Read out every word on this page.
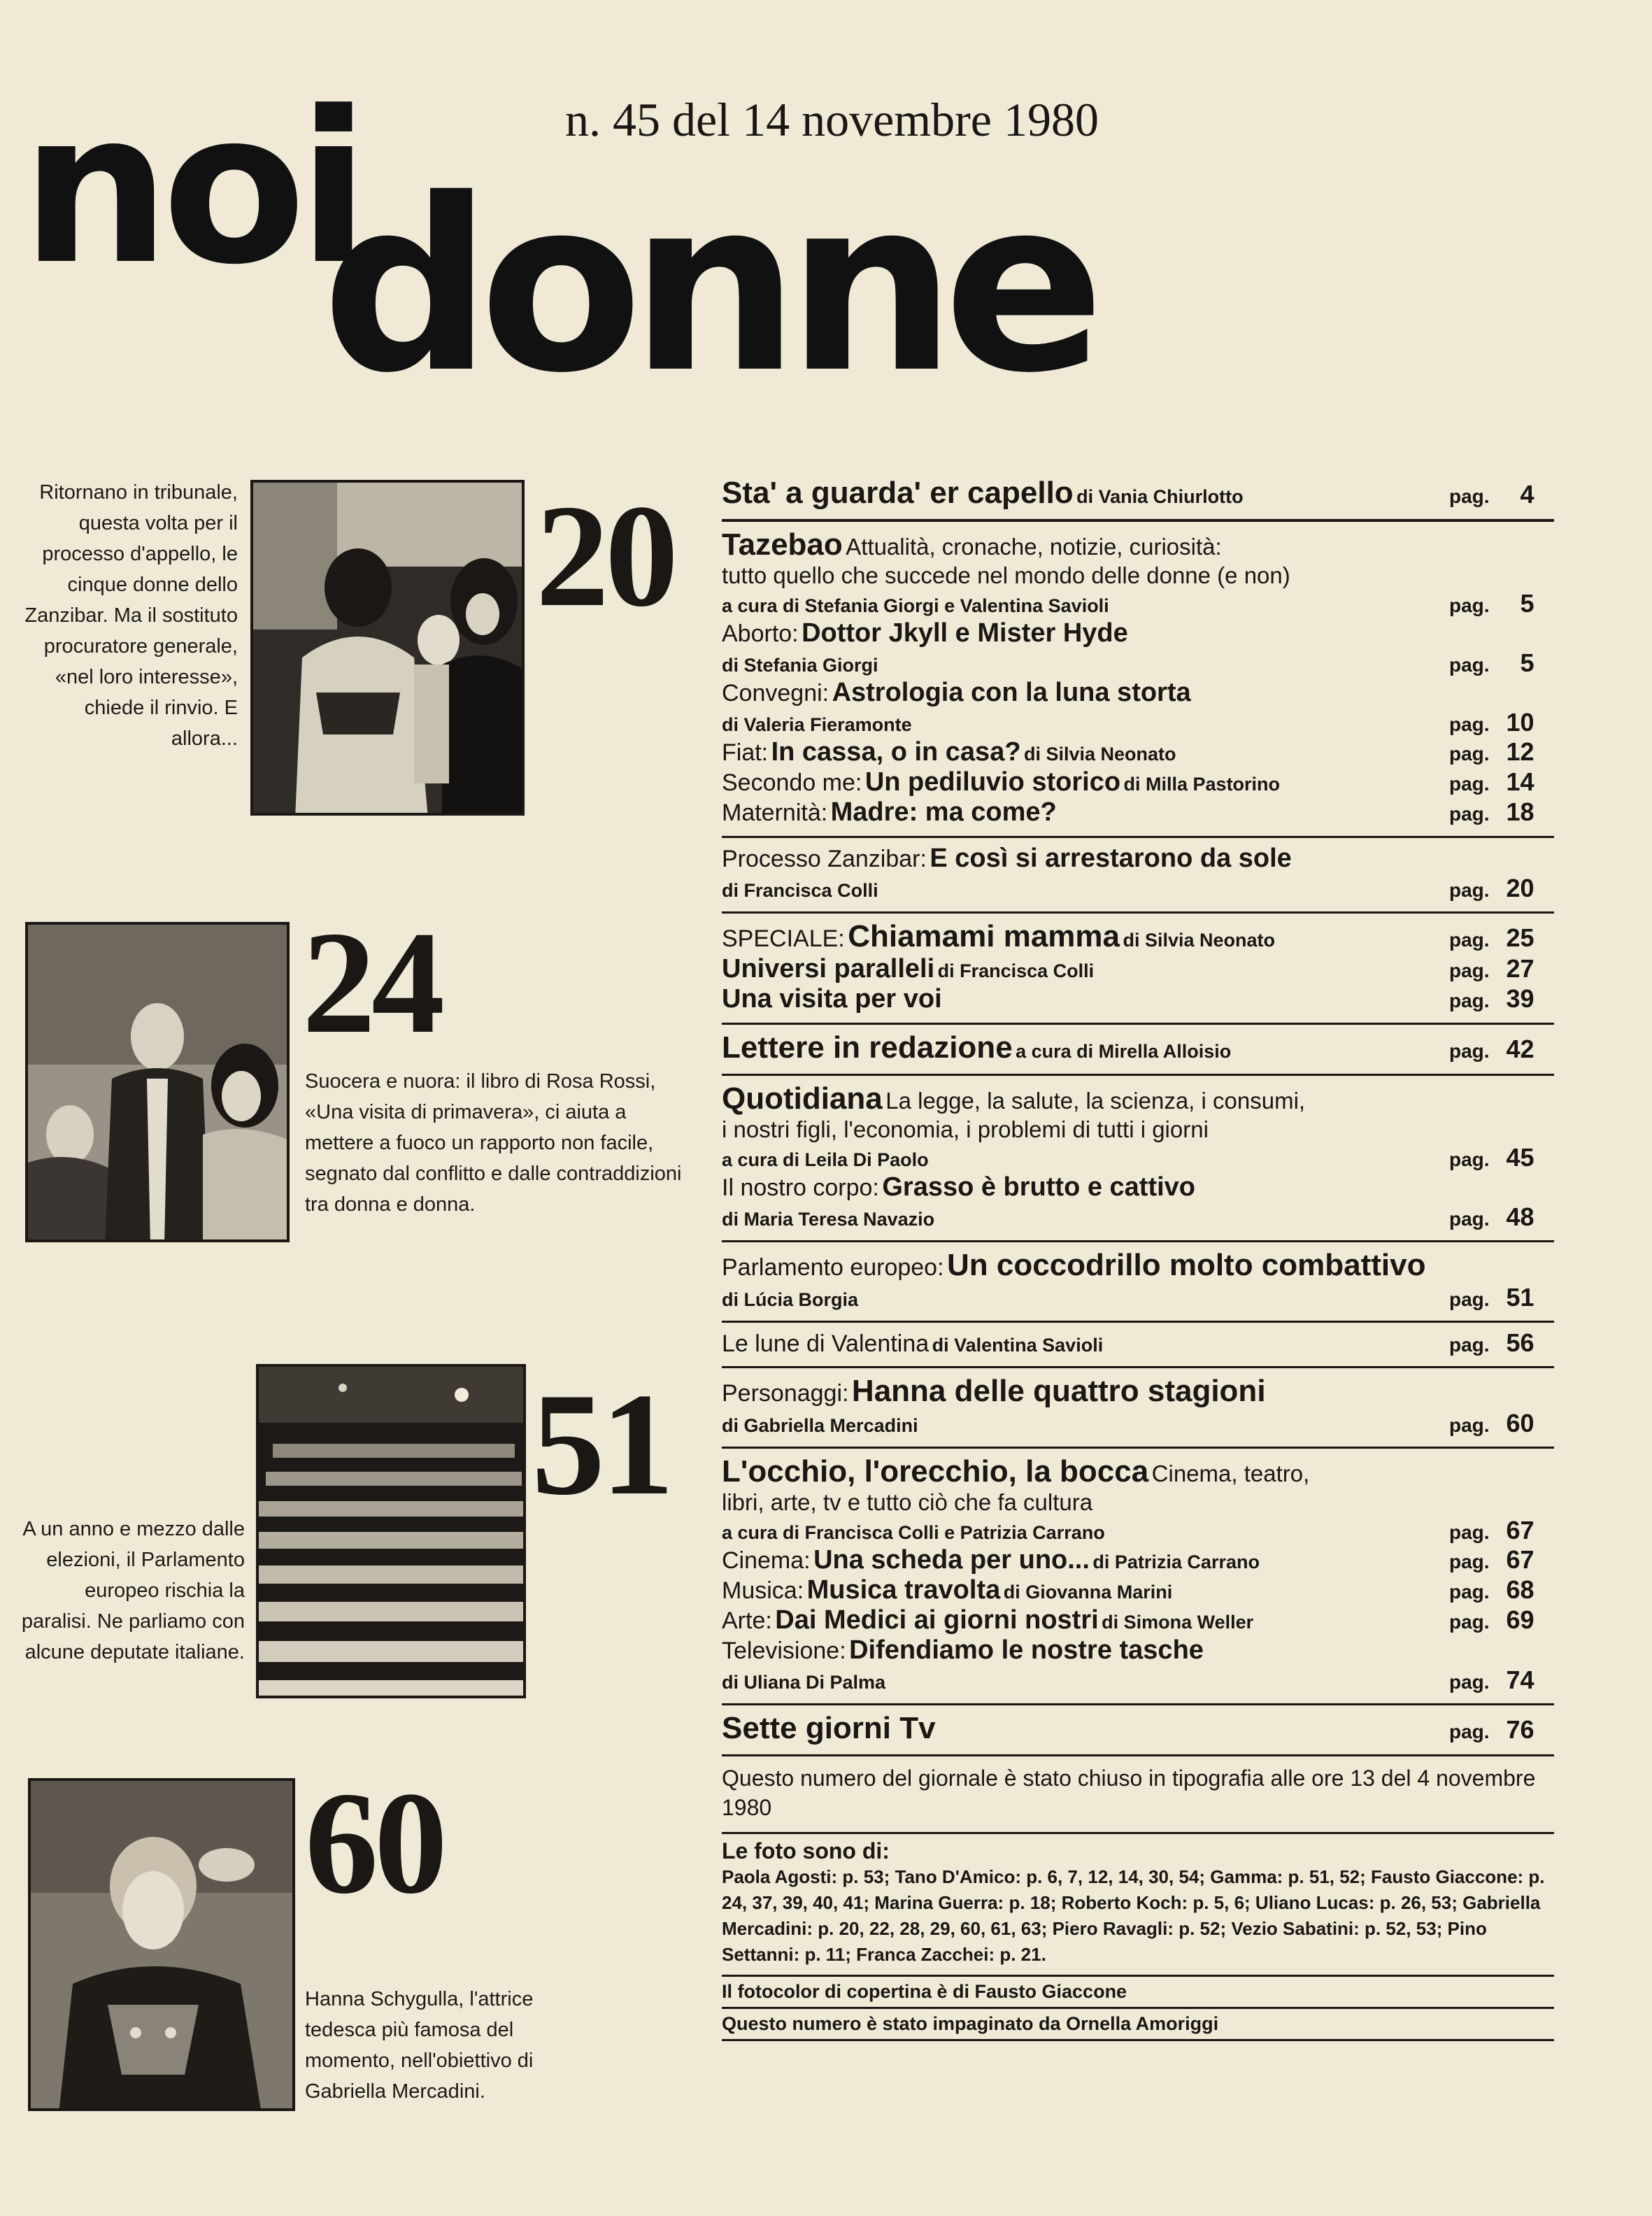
noi
donne
n. 45 del 14 novembre 1980
Ritornano in tribunale, questa volta per il processo d'appello, le cinque donne dello Zanzibar. Ma il sostituto procuratore generale, «nel loro interesse», chiede il rinvio. E allora...
20
24
Suocera e nuora: il libro di Rosa Rossi, «Una visita di primavera», ci aiuta a mettere a fuoco un rapporto non facile, segnato dal conflitto e dalle contraddizioni tra donna e donna.
51
A un anno e mezzo dalle elezioni, il Parlamento europeo rischia la paralisi. Ne parliamo con alcune deputate italiane.
60
Hanna Schygulla, l'attrice tedesca più famosa del momento, nell'obiettivo di Gabriella Mercadini.
Sta' a guarda' er capello di Vania Chiurlotto	pag. 4
Tazebao Attualità, cronache, notizie, curiosità:
tutto quello che succede nel mondo delle donne (e non)
a cura di Stefania Giorgi e Valentina Savioli	pag. 5
Aborto: Dottor Jkyll e Mister Hyde
di Stefania Giorgi	pag. 5
Convegni: Astrologia con la luna storta
di Valeria Fieramonte	pag. 10
Fiat: In cassa, o in casa? di Silvia Neonato	pag. 12
Secondo me: Un pediluvio storico di Milla Pastorino	pag. 14
Maternità: Madre: ma come?	pag. 18
Processo Zanzibar: E così si arrestarono da sole
di Francisca Colli	pag. 20
SPECIALE: Chiamami mamma di Silvia Neonato	pag. 25
Universi paralleli di Francisca Colli	pag. 27
Una visita per voi	pag. 39
Lettere in redazione a cura di Mirella Alloisio	pag. 42
Quotidiana La legge, la salute, la scienza, i consumi,
i nostri figli, l'economia, i problemi di tutti i giorni
a cura di Leila Di Paolo	pag. 45
Il nostro corpo: Grasso è brutto e cattivo
di Maria Teresa Navazio	pag. 48
Parlamento europeo: Un coccodrillo molto combattivo
di Lúcia Borgia	pag. 51
Le lune di Valentina di Valentina Savioli	pag. 56
Personaggi: Hanna delle quattro stagioni
di Gabriella Mercadini	pag. 60
L'occhio, l'orecchio, la bocca Cinema, teatro,
libri, arte, tv e tutto ciò che fa cultura
a cura di Francisca Colli e Patrizia Carrano	pag. 67
Cinema: Una scheda per uno... di Patrizia Carrano	pag. 67
Musica: Musica travolta di Giovanna Marini	pag. 68
Arte: Dai Medici ai giorni nostri di Simona Weller	pag. 69
Televisione: Difendiamo le nostre tasche
di Uliana Di Palma	pag. 74
Sette giorni Tv	pag. 76
Questo numero del giornale è stato chiuso in tipografia alle ore 13 del 4 novembre 1980
Le foto sono di:
Paola Agosti: p. 53; Tano D'Amico: p. 6, 7, 12, 14, 30, 54; Gamma: p. 51, 52; Fausto Giaccone: p. 24, 37, 39, 40, 41; Marina Guerra: p. 18; Roberto Koch: p. 5, 6; Uliano Lucas: p. 26, 53; Gabriella Mercadini: p. 20, 22, 28, 29, 60, 61, 63; Piero Ravagli: p. 52; Vezio Sabatini: p. 52, 53; Pino Settanni: p. 11; Franca Zacchei: p. 21.
Il fotocolor di copertina è di Fausto Giaccone
Questo numero è stato impaginato da Ornella Amoriggi
